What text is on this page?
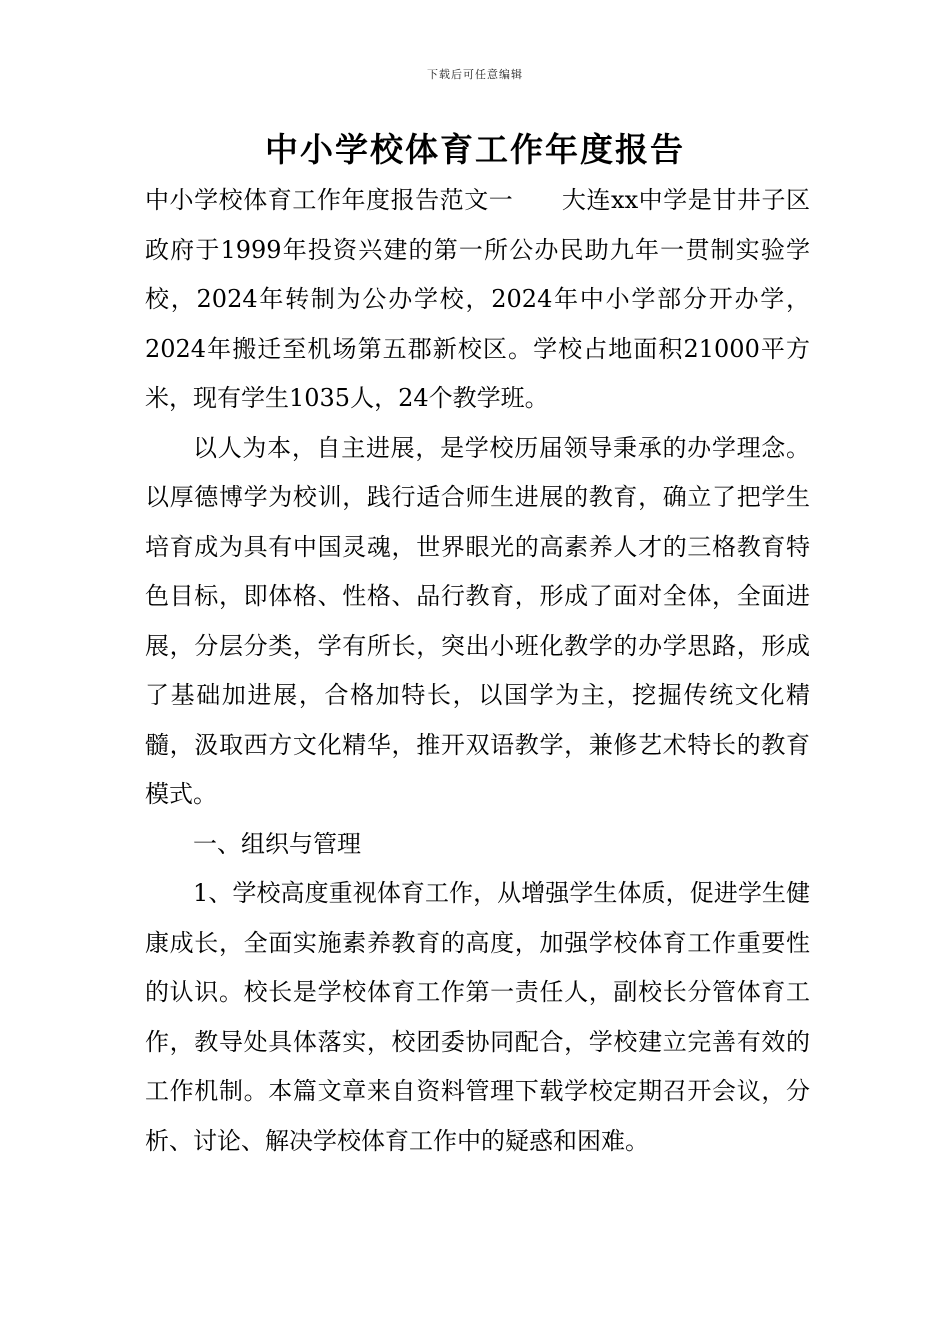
下载后可任意编辑
中小学校体育工作年度报告

中小学校体育工作年度报告范文一 大连xx中学是甘井子区政府于1999年投资兴建的第一所公办民助九年一贯制实验学校，2024年转制为公办学校，2024年中小学部分开办学，2024年搬迁至机场第五郡新校区。学校占地面积21000平方米，现有学生1035人，24个教学班。

以人为本，自主进展，是学校历届领导秉承的办学理念。以厚德博学为校训，践行适合师生进展的教育，确立了把学生培育成为具有中国灵魂，世界眼光的高素养人才的三格教育特色目标，即体格、性格、品行教育，形成了面对全体，全面进展，分层分类，学有所长，突出小班化教学的办学思路，形成了基础加进展，合格加特长，以国学为主，挖掘传统文化精髓，汲取西方文化精华，推开双语教学，兼修艺术特长的教育模式。

一、组织与管理

1、学校高度重视体育工作，从增强学生体质，促进学生健康成长，全面实施素养教育的高度，加强学校体育工作重要性的认识。校长是学校体育工作第一责任人，副校长分管体育工作，教导处具体落实，校团委协同配合，学校建立完善有效的工作机制。本篇文章来自资料管理下载学校定期召开会议，分析、讨论、解决学校体育工作中的疑惑和困难。
